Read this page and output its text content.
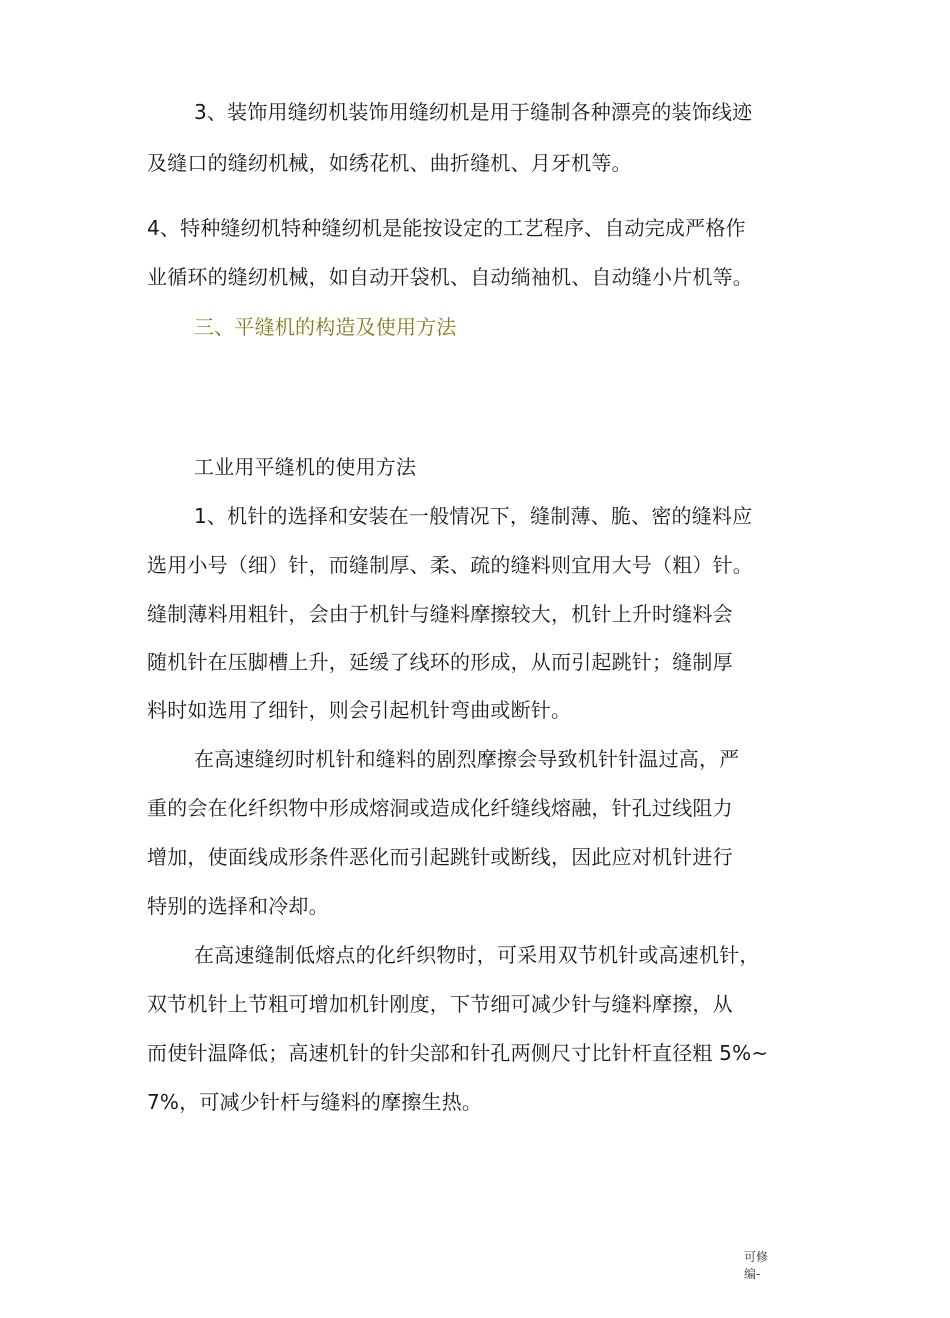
3、装饰用缝纫机装饰用缝纫机是用于缝制各种漂亮的装饰线迹
及缝口的缝纫机械，如绣花机、曲折缝机、月牙机等。
4、特种缝纫机特种缝纫机是能按设定的工艺程序、自动完成严格作
业循环的缝纫机械，如自动开袋机、自动绱袖机、自动缝小片机等。
三、平缝机的构造及使用方法
工业用平缝机的使用方法
1、机针的选择和安装在一般情况下，缝制薄、脆、密的缝料应
选用小号（细）针，而缝制厚、柔、疏的缝料则宜用大号（粗）针。
缝制薄料用粗针，会由于机针与缝料摩擦较大，机针上升时缝料会
随机针在压脚槽上升，延缓了线环的形成，从而引起跳针；缝制厚
料时如选用了细针，则会引起机针弯曲或断针。
在高速缝纫时机针和缝料的剧烈摩擦会导致机针针温过高，严
重的会在化纤织物中形成熔洞或造成化纤缝线熔融，针孔过线阻力
增加，使面线成形条件恶化而引起跳针或断线，因此应对机针进行
特别的选择和冷却。
在高速缝制低熔点的化纤织物时，可采用双节机针或高速机针，
双节机针上节粗可增加机针刚度，下节细可减少针与缝料摩擦，从
而使针温降低；高速机针的针尖部和针孔两侧尺寸比针杆直径粗 5%~
7%，可减少针杆与缝料的摩擦生热。
可修
编-
